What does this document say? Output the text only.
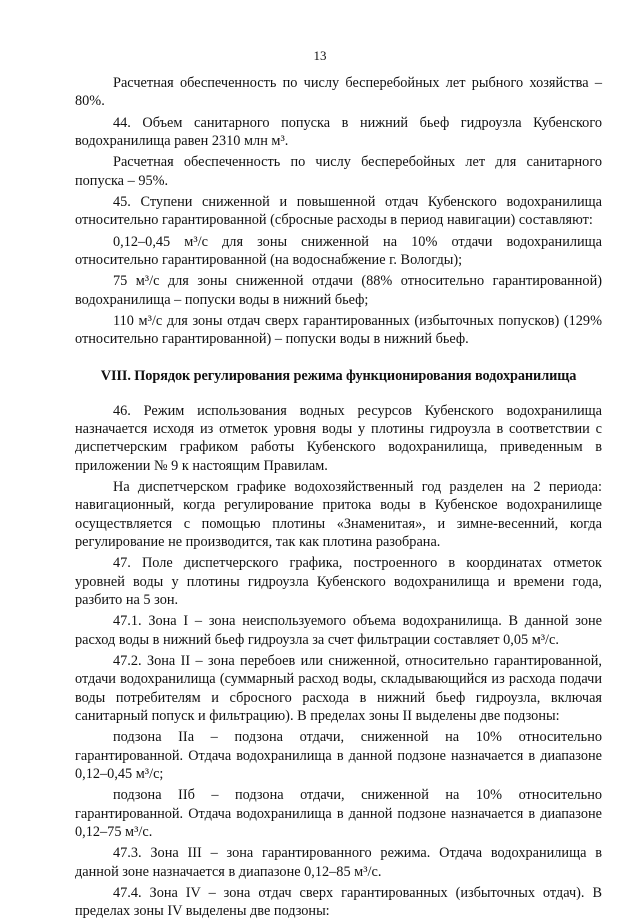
13

Расчетная обеспеченность по числу бесперебойных лет рыбного хозяйства – 80%.

44. Объем санитарного попуска в нижний бьеф гидроузла Кубенского водохранилища равен 2310 млн м³.

Расчетная обеспеченность по числу бесперебойных лет для санитарного попуска – 95%.

45. Ступени сниженной и повышенной отдач Кубенского водохранилища относительно гарантированной (сбросные расходы в период навигации) составляют:

0,12–0,45 м³/с для зоны сниженной на 10% отдачи водохранилища относительно гарантированной (на водоснабжение г. Вологды);

75 м³/с для зоны сниженной отдачи (88% относительно гарантированной) водохранилища – попуски воды в нижний бьеф;

110 м³/с для зоны отдач сверх гарантированных (избыточных попусков) (129% относительно гарантированной) – попуски воды в нижний бьеф.

VIII. Порядок регулирования режима функционирования водохранилища

46. Режим использования водных ресурсов Кубенского водохранилища назначается исходя из отметок уровня воды у плотины гидроузла в соответствии с диспетчерским графиком работы Кубенского водохранилища, приведенным в приложении № 9 к настоящим Правилам.

На диспетчерском графике водохозяйственный год разделен на 2 периода: навигационный, когда регулирование притока воды в Кубенское водохранилище осуществляется с помощью плотины «Знаменитая», и зимне-весенний, когда регулирование не производится, так как плотина разобрана.

47. Поле диспетчерского графика, построенного в координатах отметок уровней воды у плотины гидроузла Кубенского водохранилища и времени года, разбито на 5 зон.

47.1. Зона I – зона неиспользуемого объема водохранилища. В данной зоне расход воды в нижний бьеф гидроузла за счет фильтрации составляет 0,05 м³/с.

47.2. Зона II – зона перебоев или сниженной, относительно гарантированной, отдачи водохранилища (суммарный расход воды, складывающийся из расхода подачи воды потребителям и сбросного расхода в нижний бьеф гидроузла, включая санитарный попуск и фильтрацию). В пределах зоны II выделены две подзоны:

подзона IIа – подзона отдачи, сниженной на 10% относительно гарантированной. Отдача водохранилища в данной подзоне назначается в диапазоне 0,12–0,45 м³/с;

подзона IIб – подзона отдачи, сниженной на 10% относительно гарантированной. Отдача водохранилища в данной подзоне назначается в диапазоне 0,12–75 м³/с.

47.3. Зона III – зона гарантированного режима. Отдача водохранилища в данной зоне назначается в диапазоне 0,12–85 м³/с.

47.4. Зона IV – зона отдач сверх гарантированных (избыточных отдач). В пределах зоны IV выделены две подзоны:
